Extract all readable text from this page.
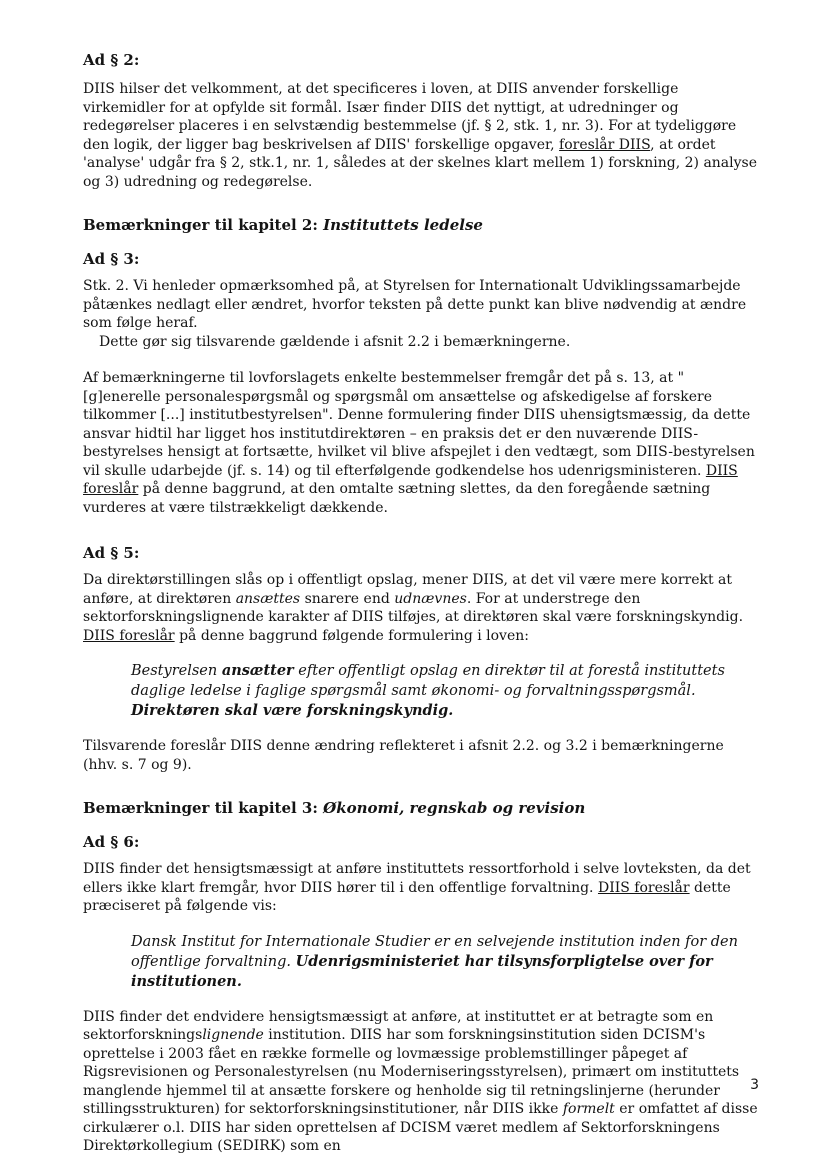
Ad § 2:

DIIS hilser det velkomment, at det specificeres i loven, at DIIS anvender forskellige virkemidler for at opfylde sit formål. Især finder DIIS det nyttigt, at udredninger og redegørelser placeres i en selvstændig bestemmelse (jf. § 2, stk. 1, nr. 3). For at tydeliggøre den logik, der ligger bag beskrivelsen af DIIS' forskellige opgaver, foreslår DIIS, at ordet 'analyse' udgår fra § 2, stk.1, nr. 1, således at der skelnes klart mellem 1) forskning, 2) analyse og 3) udredning og redegørelse.

Bemærkninger til kapitel 2: Instituttets ledelse

Ad § 3:

Stk. 2. Vi henleder opmærksomhed på, at Styrelsen for Internationalt Udviklingssamarbejde påtænkes nedlagt eller ændret, hvorfor teksten på dette punkt kan blive nødvendig at ændre som følge heraf.

Dette gør sig tilsvarende gældende i afsnit 2.2 i bemærkningerne.

Af bemærkningerne til lovforslagets enkelte bestemmelser fremgår det på s. 13, at "[g]enerelle personalespørgsmål og spørgsmål om ansættelse og afskedigelse af forskere tilkommer [...] institutbestyrelsen". Denne formulering finder DIIS uhensigtsmæssig, da dette ansvar hidtil har ligget hos institutdirektøren – en praksis det er den nuværende DIIS-bestyrelses hensigt at fortsætte, hvilket vil blive afspejlet i den vedtægt, som DIIS-bestyrelsen vil skulle udarbejde (jf. s. 14) og til efterfølgende godkendelse hos udenrigsministeren. DIIS foreslår på denne baggrund, at den omtalte sætning slettes, da den foregående sætning vurderes at være tilstrækkeligt dækkende.

Ad § 5:

Da direktørstillingen slås op i offentligt opslag, mener DIIS, at det vil være mere korrekt at anføre, at direktøren ansættes snarere end udnævnes. For at understrege den sektorforskningslignende karakter af DIIS tilføjes, at direktøren skal være forskningskyndig. DIIS foreslår på denne baggrund følgende formulering i loven:

Bestyrelsen ansætter efter offentligt opslag en direktør til at forestå instituttets daglige ledelse i faglige spørgsmål samt økonomi- og forvaltningsspørgsmål. Direktøren skal være forskningskyndig.

Tilsvarende foreslår DIIS denne ændring reflekteret i afsnit 2.2. og 3.2 i bemærkningerne (hhv. s. 7 og 9).

Bemærkninger til kapitel 3: Økonomi, regnskab og revision

Ad § 6:

DIIS finder det hensigtsmæssigt at anføre instituttets ressortforhold i selve lovteksten, da det ellers ikke klart fremgår, hvor DIIS hører til i den offentlige forvaltning. DIIS foreslår dette præciseret på følgende vis:

Dansk Institut for Internationale Studier er en selvejende institution inden for den offentlige forvaltning. Udenrigsministeriet har tilsynsforpligtelse over for institutionen.

DIIS finder det endvidere hensigtsmæssigt at anføre, at instituttet er at betragte som en sektorforskningslignende institution. DIIS har som forskningsinstitution siden DCISM's oprettelse i 2003 fået en række formelle og lovmæssige problemstillinger påpeget af Rigsrevisionen og Personalestyrelsen (nu Moderniseringsstyrelsen), primært om instituttets manglende hjemmel til at ansætte forskere og henholde sig til retningslinjerne (herunder stillingsstrukturen) for sektorforskningsinstitutioner, når DIIS ikke formelt er omfattet af disse cirkulærer o.l. DIIS har siden oprettelsen af DCISM været medlem af Sektorforskningens Direktørkollegium (SEDIRK) som en

3
